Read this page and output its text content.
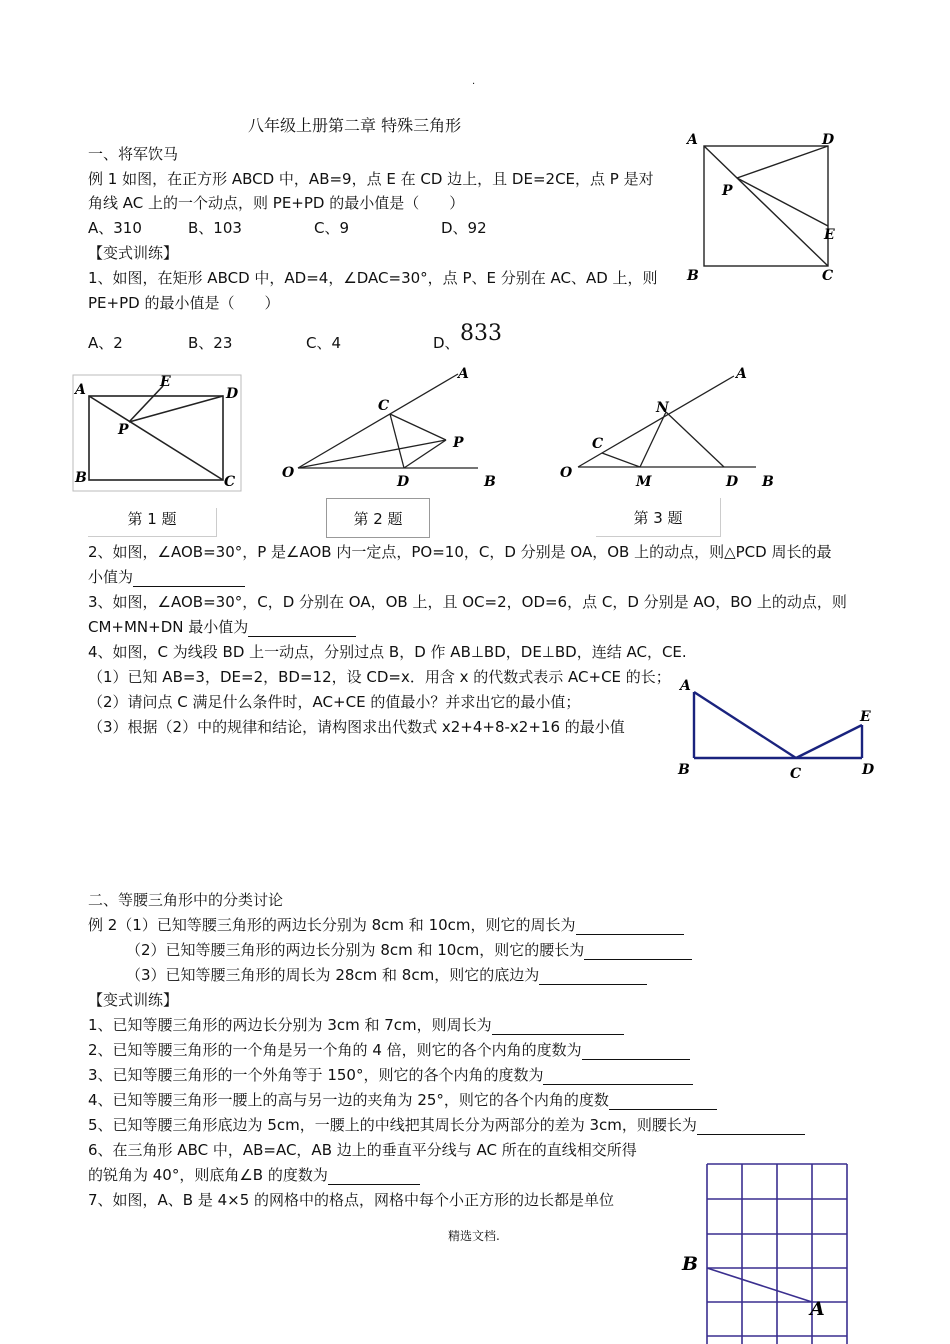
.
八年级上册第二章 特殊三角形
一、将军饮马
例 1 如图，在正方形 ABCD 中，AB=9，点 E 在 CD 边上，且 DE=2CE，点 P 是对
角线 AC 上的一个动点，则 PE+PD 的最小值是（　　）
A、310	B、103	C、9	D、92
【变式训练】
1、如图，在矩形 ABCD 中，AD=4，∠DAC=30°，点 P、E 分别在 AC、AD 上，则
PE+PD 的最小值是（　　）
A、2	B、23	C、4	D、 833
A	D
P
E
B	C
A	E
D
P
B	C
A
C
P
O
D	B
A
N
C
O
M	D B
第 1 题	第 2 题	第 3 题
2、如图，∠AOB=30°，P 是∠AOB 内一定点，PO=10，C，D 分别是 OA，OB 上的动点，则△PCD 周长的最
小值为
3、如图，∠AOB=30°，C，D 分别在 OA，OB 上，且 OC=2，OD=6，点 C，D 分别是 AO，BO 上的动点，则
CM+MN+DN 最小值为
4、如图，C 为线段 BD 上一动点，分别过点 B，D 作 AB⊥BD，DE⊥BD，连结 AC，CE.
（1）已知 AB=3，DE=2，BD=12，设 CD=x．用含 x 的代数式表示 AC+CE 的长；
（2）请问点 C 满足什么条件时，AC+CE 的值最小？并求出它的最小值；
（3）根据（2）中的规律和结论，请构图求出代数式 x2+4+8-x2+16 的最小值
A
E
B	C	D
二、等腰三角形中的分类讨论
例 2（1）已知等腰三角形的两边长分别为 8cm 和 10cm，则它的周长为
（2）已知等腰三角形的两边长分别为 8cm 和 10cm，则它的腰长为
（3）已知等腰三角形的周长为 28cm 和 8cm，则它的底边为
【变式训练】
1、已知等腰三角形的两边长分别为 3cm 和 7cm，则周长为
2、已知等腰三角形的一个角是另一个角的 4 倍，则它的各个内角的度数为
3、已知等腰三角形的一个外角等于 150°，则它的各个内角的度数为
4、已知等腰三角形一腰上的高与另一边的夹角为 25°，则它的各个内角的度数
5、已知等腰三角形底边为 5cm，一腰上的中线把其周长分为两部分的差为 3cm，则腰长为
6、在三角形 ABC 中，AB=AC，AB 边上的垂直平分线与 AC 所在的直线相交所得
的锐角为 40°，则底角∠B 的度数为
7、如图，A、B 是 4×5 的网格中的格点，网格中每个小正方形的边长都是单位
B
A
精选文档.
